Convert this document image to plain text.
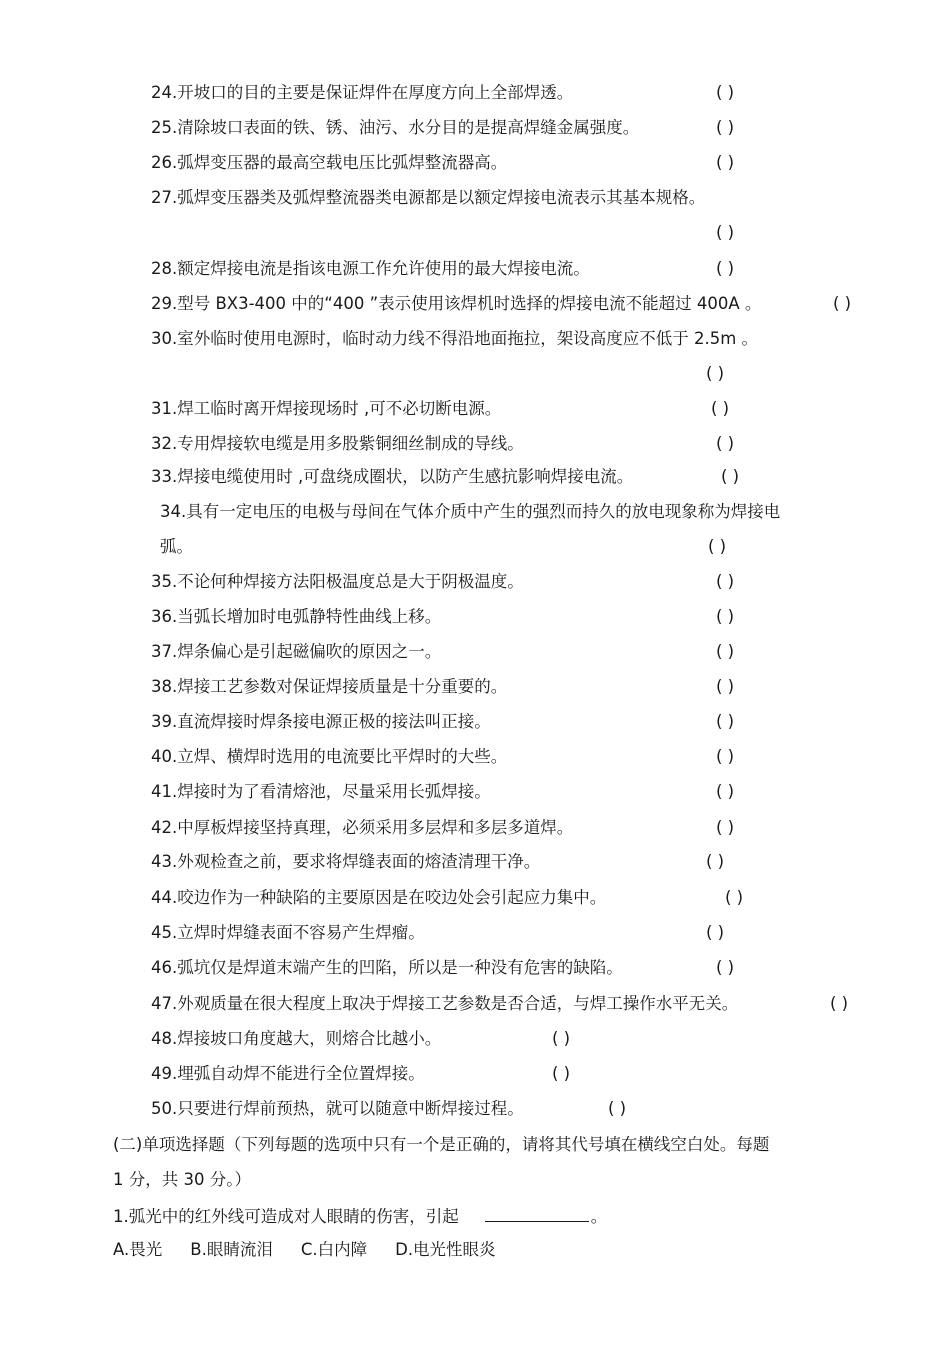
24.开坡口的目的主要是保证焊件在厚度方向上全部焊透。	( )
25.清除坡口表面的铁、锈、油污、水分目的是提高焊缝金属强度。	( )
26.弧焊变压器的最高空载电压比弧焊整流器高。	( )
27.弧焊变压器类及弧焊整流器类电源都是以额定焊接电流表示其基本规格。
( )
28.额定焊接电流是指该电源工作允许使用的最大焊接电流。	( )
29.型号 BX3-400 中的“400 ”表示使用该焊机时选择的焊接电流不能超过 400A 。	( )
30.室外临时使用电源时，临时动力线不得沿地面拖拉，架设高度应不低于 2.5m 。
( )
31.焊工临时离开焊接现场时 ,可不必切断电源。	( )
32.专用焊接软电缆是用多股紫铜细丝制成的导线。	( )
33.焊接电缆使用时 ,可盘绕成圈状，以防产生感抗影响焊接电流。	( )
34.具有一定电压的电极与母间在气体介质中产生的强烈而持久的放电现象称为焊接电
弧。	( )
35.不论何种焊接方法阳极温度总是大于阴极温度。	( )
36.当弧长增加时电弧静特性曲线上移。	( )
37.焊条偏心是引起磁偏吹的原因之一。	( )
38.焊接工艺参数对保证焊接质量是十分重要的。	( )
39.直流焊接时焊条接电源正极的接法叫正接。	( )
40.立焊、横焊时选用的电流要比平焊时的大些。	( )
41.焊接时为了看清熔池，尽量采用长弧焊接。	( )
42.中厚板焊接坚持真理，必须采用多层焊和多层多道焊。	( )
43.外观检查之前，要求将焊缝表面的熔渣清理干净。	( )
44.咬边作为一种缺陷的主要原因是在咬边处会引起应力集中。	( )
45.立焊时焊缝表面不容易产生焊瘤。	( )
46.弧坑仅是焊道末端产生的凹陷，所以是一种没有危害的缺陷。	( )
47.外观质量在很大程度上取决于焊接工艺参数是否合适，与焊工操作水平无关。	( )
48.焊接坡口角度越大，则熔合比越小。	( )
49.埋弧自动焊不能进行全位置焊接。	( )
50.只要进行焊前预热，就可以随意中断焊接过程。	( )
(二)单项选择题（下列每题的选项中只有一个是正确的，请将其代号填在横线空白处。每题
1 分，共 30 分。）
1.弧光中的红外线可造成对人眼睛的伤害，引起	。
A.畏光 B.眼睛流泪 C.白内障 D.电光性眼炎
